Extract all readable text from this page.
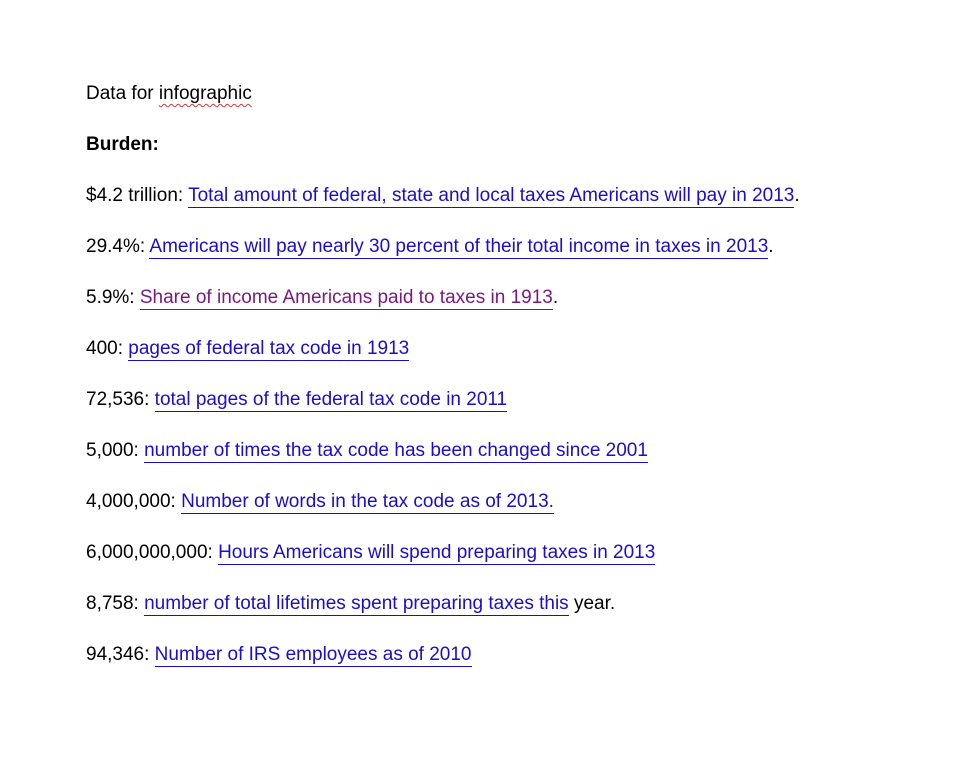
Data for infographic
Burden:
$4.2 trillion: Total amount of federal, state and local taxes Americans will pay in 2013.
29.4%: Americans will pay nearly 30 percent of their total income in taxes in 2013.
5.9%: Share of income Americans paid to taxes in 1913.
400: pages of federal tax code in 1913
72,536: total pages of the federal tax code in 2011
5,000: number of times the tax code has been changed since 2001
4,000,000: Number of words in the tax code as of 2013.
6,000,000,000: Hours Americans will spend preparing taxes in 2013
8,758: number of total lifetimes spent preparing taxes this year.
94,346: Number of IRS employees as of 2010
